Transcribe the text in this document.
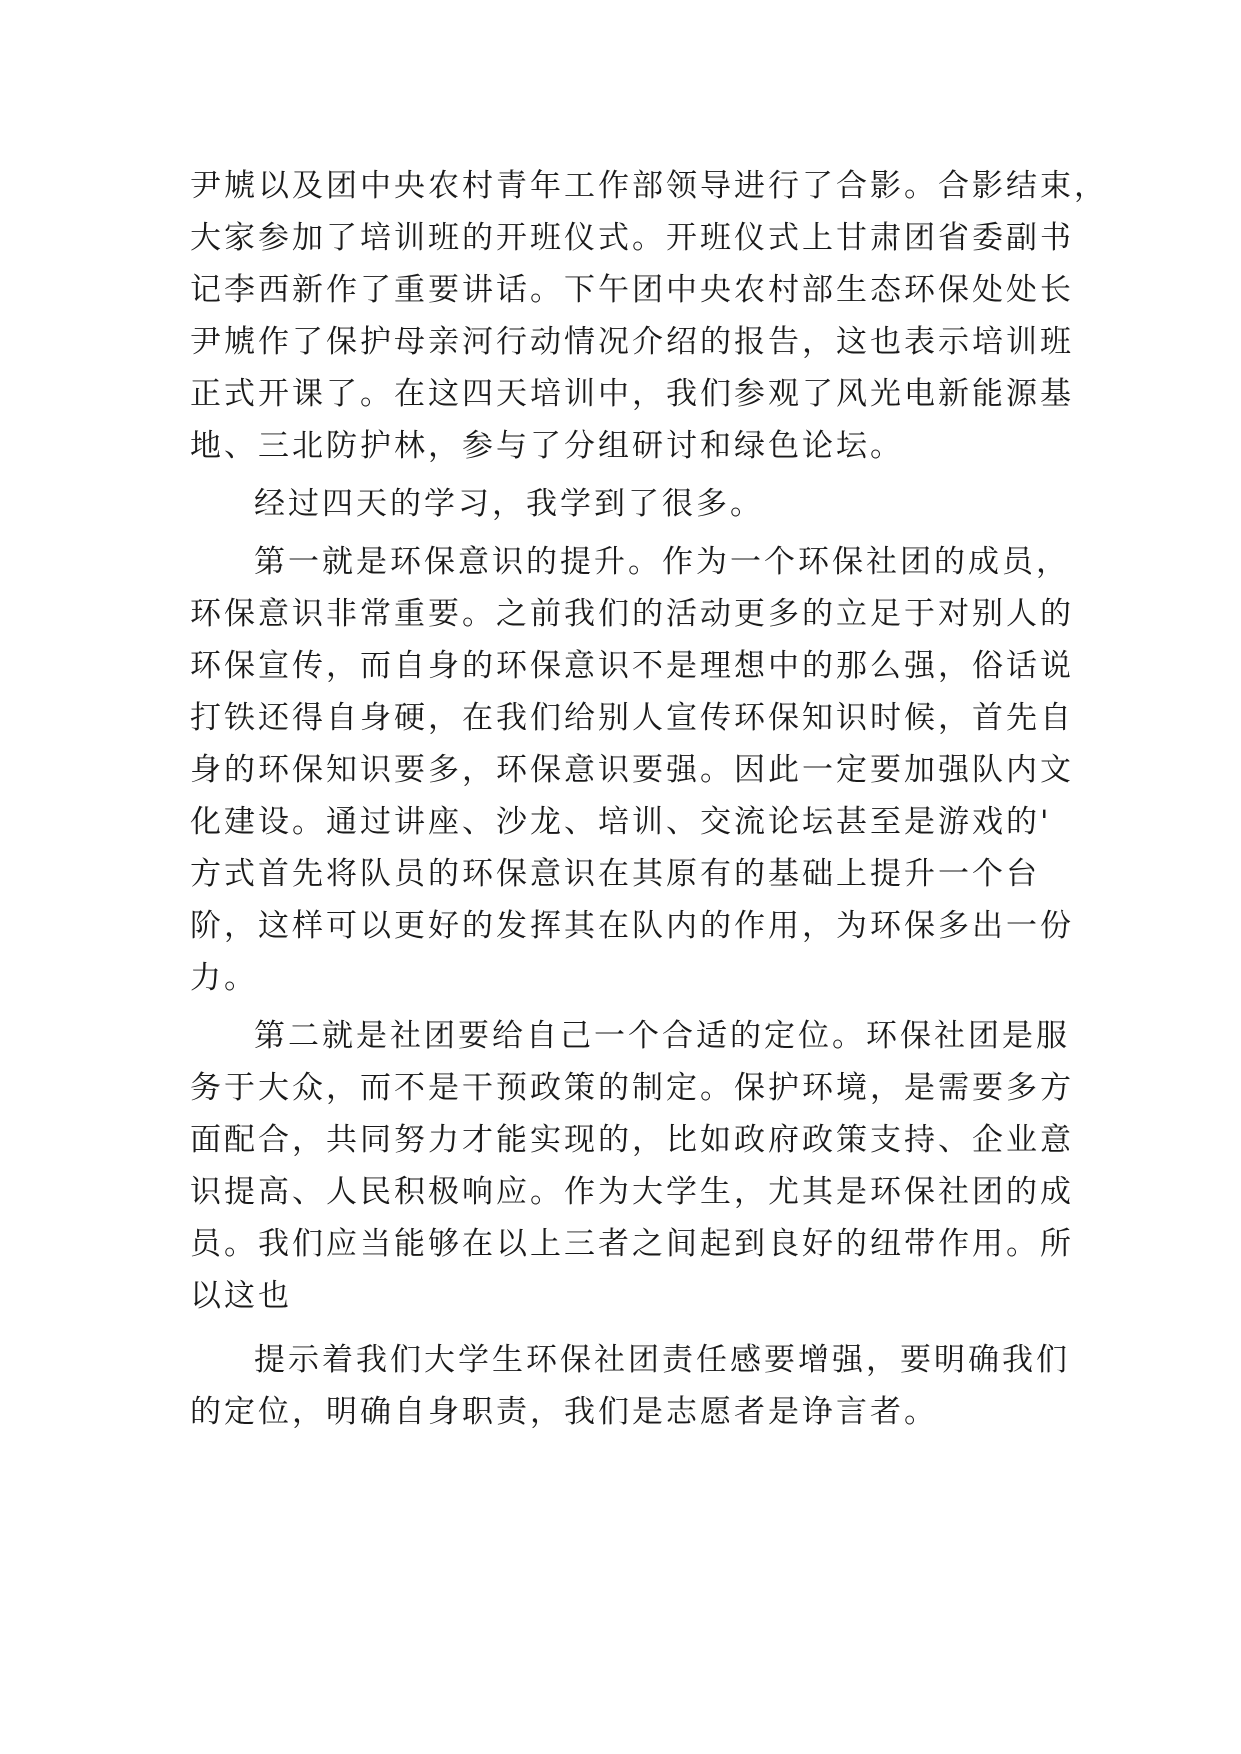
尹虓以及团中央农村青年工作部领导进行了合影。合影结束，
大家参加了培训班的开班仪式。开班仪式上甘肃团省委副书
记李西新作了重要讲话。下午团中央农村部生态环保处处长
尹虓作了保护母亲河行动情况介绍的报告，这也表示培训班
正式开课了。在这四天培训中，我们参观了风光电新能源基
地、三北防护林，参与了分组研讨和绿色论坛。
经过四天的学习，我学到了很多。
第一就是环保意识的提升。作为一个环保社团的成员，
环保意识非常重要。之前我们的活动更多的立足于对别人的
环保宣传，而自身的环保意识不是理想中的那么强，俗话说
打铁还得自身硬，在我们给别人宣传环保知识时候，首先自
身的环保知识要多，环保意识要强。因此一定要加强队内文
化建设。通过讲座、沙龙、培训、交流论坛甚至是游戏的'
方式首先将队员的环保意识在其原有的基础上提升一个台
阶，这样可以更好的发挥其在队内的作用，为环保多出一份
力。
第二就是社团要给自己一个合适的定位。环保社团是服
务于大众，而不是干预政策的制定。保护环境，是需要多方
面配合，共同努力才能实现的，比如政府政策支持、企业意
识提高、人民积极响应。作为大学生，尤其是环保社团的成
员。我们应当能够在以上三者之间起到良好的纽带作用。所
以这也
提示着我们大学生环保社团责任感要增强，要明确我们
的定位，明确自身职责，我们是志愿者是诤言者。
